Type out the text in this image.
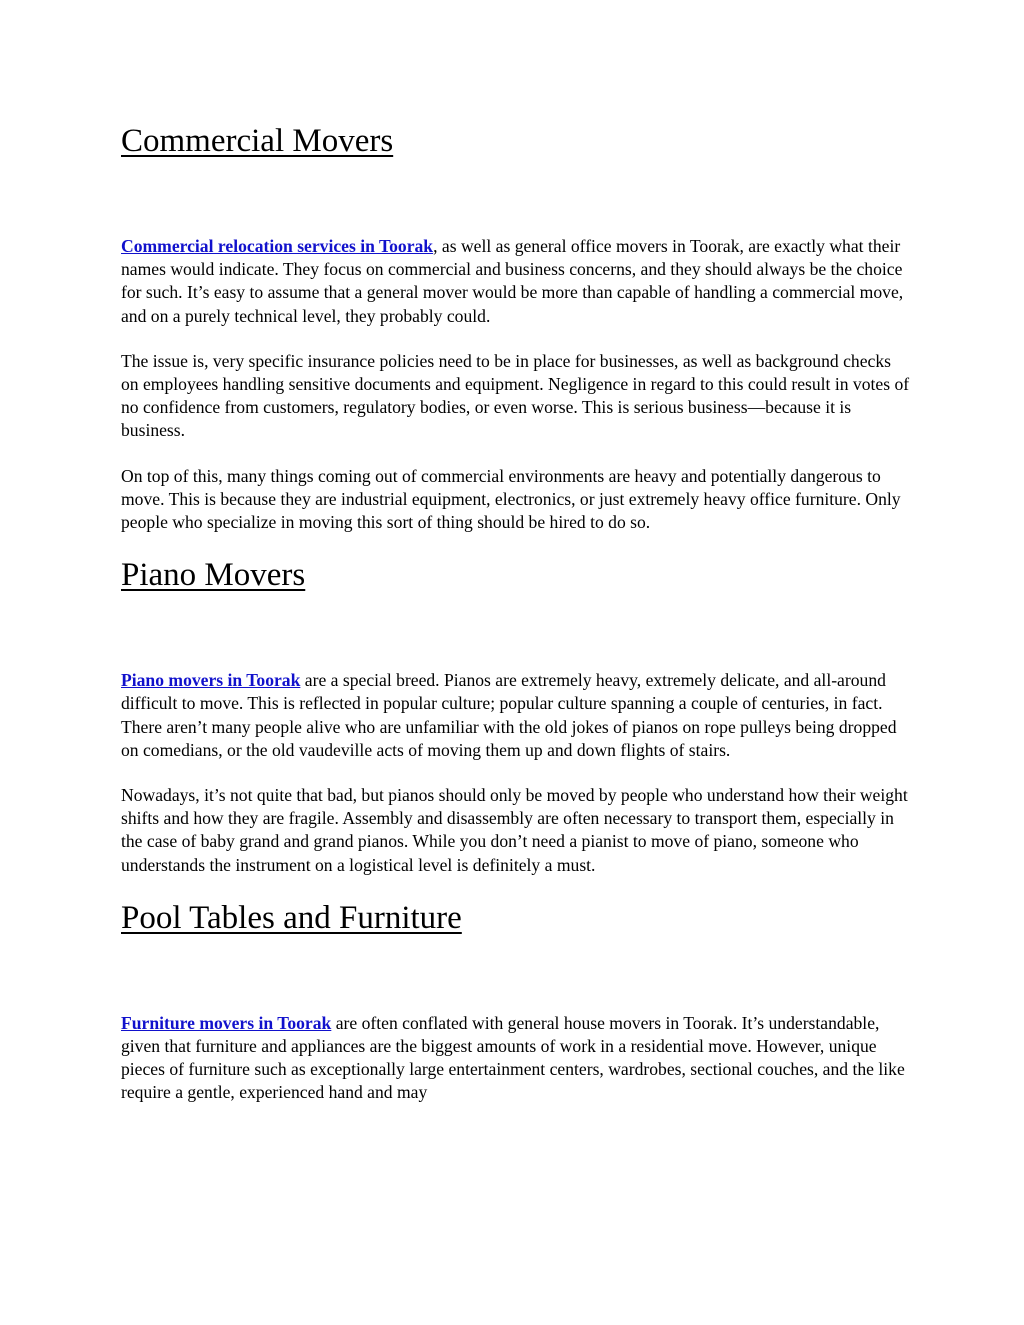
Commercial Movers

Commercial relocation services in Toorak, as well as general office movers in Toorak, are exactly what their names would indicate. They focus on commercial and business concerns, and they should always be the choice for such. It’s easy to assume that a general mover would be more than capable of handling a commercial move, and on a purely technical level, they probably could.

The issue is, very specific insurance policies need to be in place for businesses, as well as background checks on employees handling sensitive documents and equipment. Negligence in regard to this could result in votes of no confidence from customers, regulatory bodies, or even worse. This is serious business—because it is business.

On top of this, many things coming out of commercial environments are heavy and potentially dangerous to move. This is because they are industrial equipment, electronics, or just extremely heavy office furniture. Only people who specialize in moving this sort of thing should be hired to do so.

Piano Movers

Piano movers in Toorak are a special breed. Pianos are extremely heavy, extremely delicate, and all-around difficult to move. This is reflected in popular culture; popular culture spanning a couple of centuries, in fact. There aren’t many people alive who are unfamiliar with the old jokes of pianos on rope pulleys being dropped on comedians, or the old vaudeville acts of moving them up and down flights of stairs.

Nowadays, it’s not quite that bad, but pianos should only be moved by people who understand how their weight shifts and how they are fragile. Assembly and disassembly are often necessary to transport them, especially in the case of baby grand and grand pianos. While you don’t need a pianist to move of piano, someone who understands the instrument on a logistical level is definitely a must.

Pool Tables and Furniture

Furniture movers in Toorak are often conflated with general house movers in Toorak. It’s understandable, given that furniture and appliances are the biggest amounts of work in a residential move. However, unique pieces of furniture such as exceptionally large entertainment centers, wardrobes, sectional couches, and the like require a gentle, experienced hand and may
